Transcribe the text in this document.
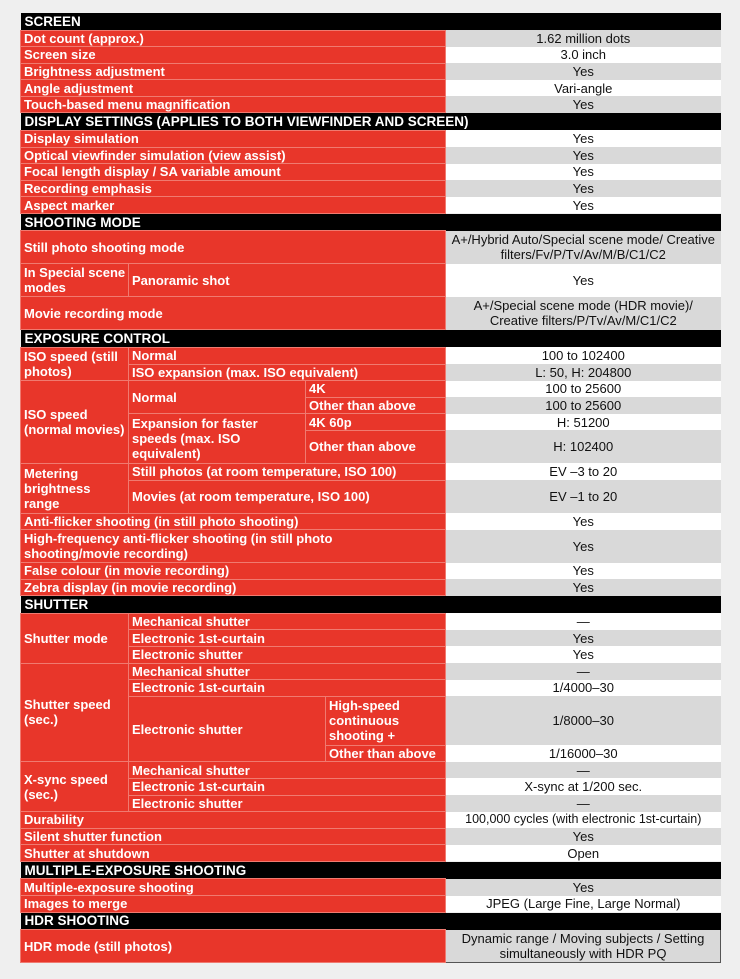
SCREEN	
Dot count (approx.)	1.62 million dots
Screen size	3.0 inch
Brightness adjustment	Yes
Angle adjustment	Vari-angle
Touch-based menu magnification	Yes
DISPLAY SETTINGS (APPLIES TO BOTH VIEWFINDER AND SCREEN)	
Display simulation	Yes
Optical viewfinder simulation (view assist)	Yes
Focal length display / SA variable amount	Yes
Recording emphasis	Yes
Aspect marker	Yes
SHOOTING MODE		
Still photo shooting mode		A+/Hybrid Auto/Special scene mode/ Creative filters/Fv/P/Tv/Av/M/B/C1/C2
In Special scene modes	Panoramic shot	Yes
Movie recording mode		A+/Special scene mode (HDR movie)/ Creative filters/P/Tv/Av/M/C1/C2
EXPOSURE CONTROL			
ISO speed (still photos)	Normal		100 to 102400
	ISO expansion (max. ISO equivalent)		L: 50, H: 204800
ISO speed (normal movies)	Normal	4K	100 to 25600
		Other than above	100 to 25600
	Expansion for faster speeds (max. ISO equivalent)	4K 60p	H: 51200
		Other than above	H: 102400
Metering brightness range	Still photos (at room temperature, ISO 100)		EV –3 to 20
	Movies (at room temperature, ISO 100)		EV –1 to 20
Anti-flicker shooting (in still photo shooting)			Yes
High-frequency anti-flicker shooting (in still photo shooting/movie recording)			Yes
False colour (in movie recording)			Yes
Zebra display (in movie recording)			Yes
SHUTTER			
Shutter mode	Mechanical shutter		—
	Electronic 1st-curtain		Yes
	Electronic shutter		Yes
Shutter speed (sec.)	Mechanical shutter		—
	Electronic 1st-curtain		1/4000–30
	Electronic shutter	High-speed continuous shooting +	1/8000–30
		Other than above	1/16000–30
X-sync speed (sec.)	Mechanical shutter		—
	Electronic 1st-curtain		X-sync at 1/200 sec.
	Electronic shutter		—
Durability			100,000 cycles (with electronic 1st-curtain)
Silent shutter function			Yes
Shutter at shutdown			Open
MULTIPLE-EXPOSURE SHOOTING	
Multiple-exposure shooting	Yes
Images to merge	JPEG (Large Fine, Large Normal)
HDR SHOOTING
HDR mode (still photos)	Dynamic range / Moving subjects / Setting simultaneously with HDR PQ
